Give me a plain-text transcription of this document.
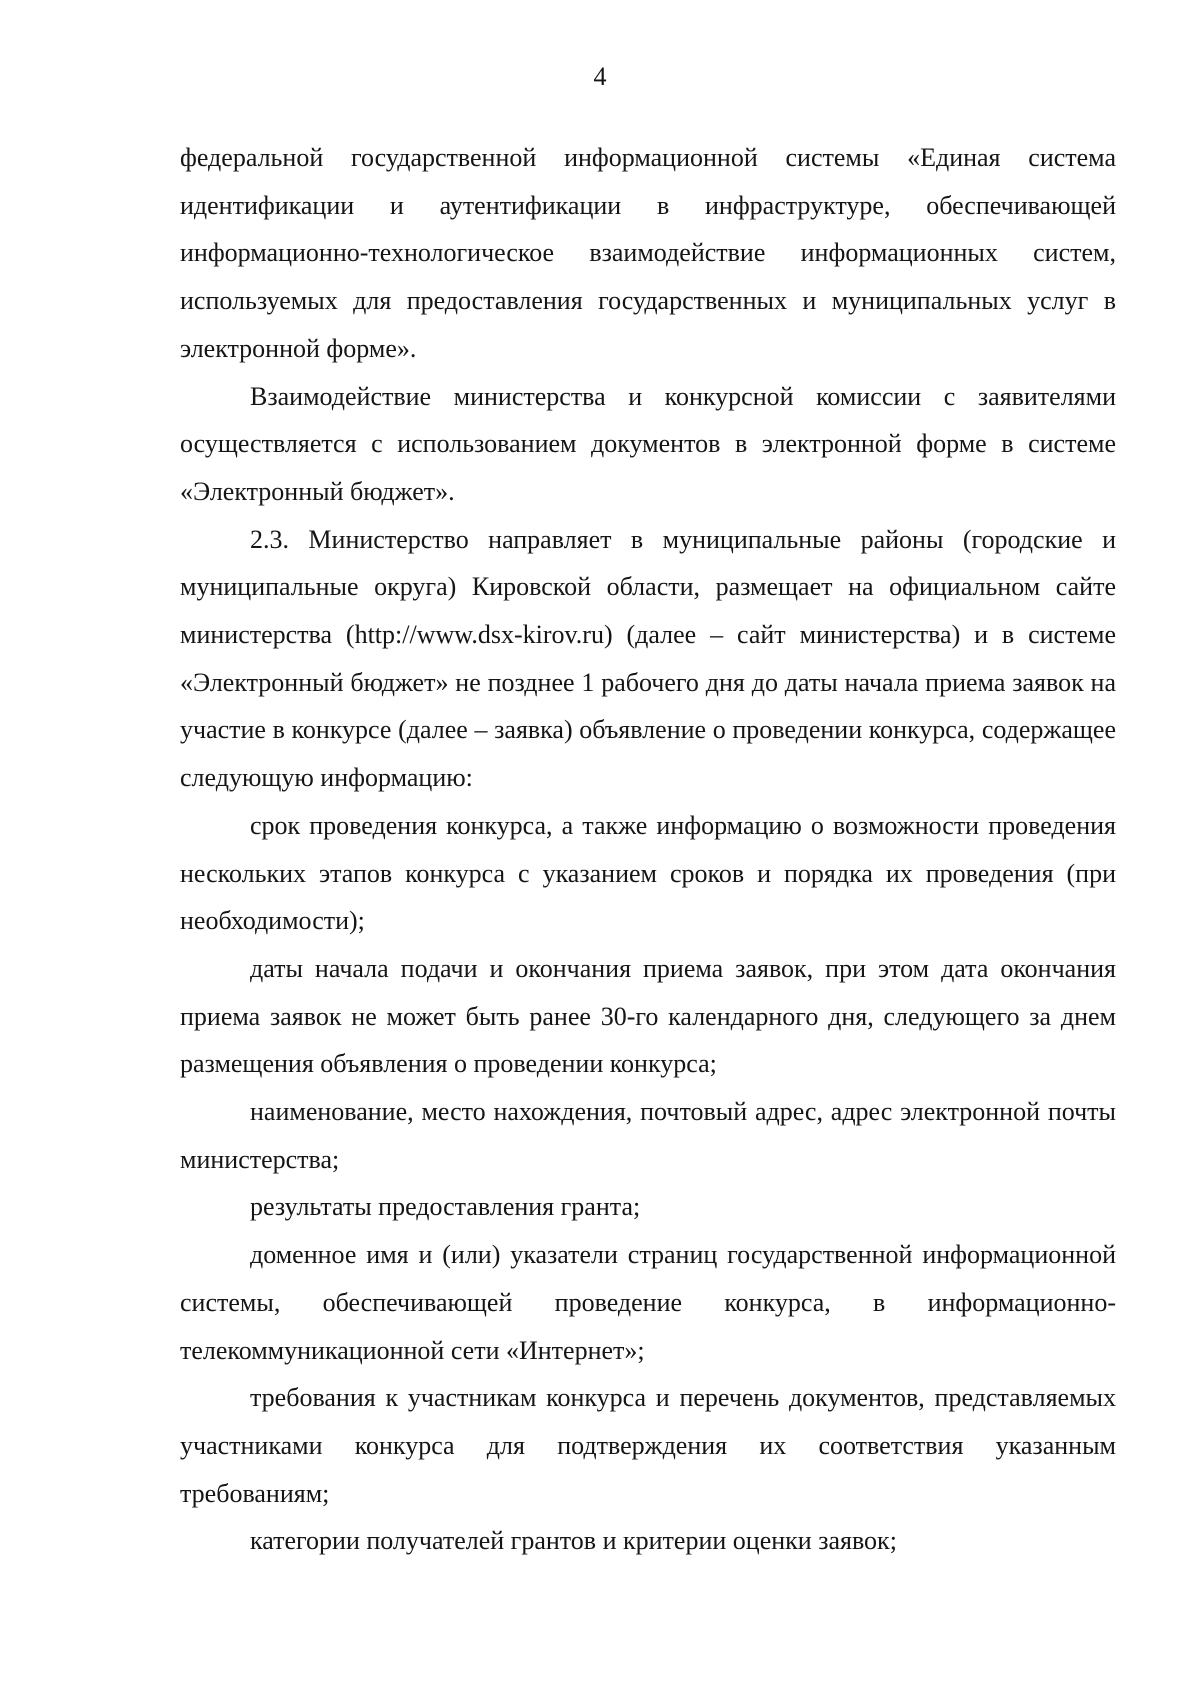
4

федеральной государственной информационной системы «Единая система идентификации и аутентификации в инфраструктуре, обеспечивающей информационно-технологическое взаимодействие информационных систем, используемых для предоставления государственных и муниципальных услуг в электронной форме».

Взаимодействие министерства и конкурсной комиссии с заявителями осуществляется с использованием документов в электронной форме в системе «Электронный бюджет».

2.3. Министерство направляет в муниципальные районы (городские и муниципальные округа) Кировской области, размещает на официальном сайте министерства (http://www.dsx-kirov.ru) (далее – сайт министерства) и в системе «Электронный бюджет» не позднее 1 рабочего дня до даты начала приема заявок на участие в конкурсе (далее – заявка) объявление о проведении конкурса, содержащее следующую информацию:

срок проведения конкурса, а также информацию о возможности проведения нескольких этапов конкурса с указанием сроков и порядка их проведения (при необходимости);

даты начала подачи и окончания приема заявок, при этом дата окончания приема заявок не может быть ранее 30-го календарного дня, следующего за днем размещения объявления о проведении конкурса;

наименование, место нахождения, почтовый адрес, адрес электронной почты министерства;

результаты предоставления гранта;

доменное имя и (или) указатели страниц государственной информационной системы, обеспечивающей проведение конкурса, в информационно-телекоммуникационной сети «Интернет»;

требования к участникам конкурса и перечень документов, представляемых участниками конкурса для подтверждения их соответствия указанным требованиям;

категории получателей грантов и критерии оценки заявок;
